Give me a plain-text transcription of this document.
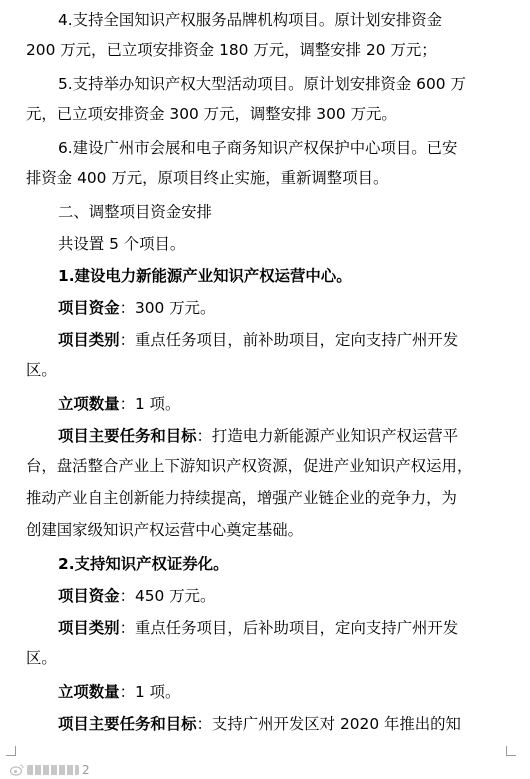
4.支持全国知识产权服务品牌机构项目。原计划安排资金
200 万元，已立项安排资金 180 万元，调整安排 20 万元；
5.支持举办知识产权大型活动项目。原计划安排资金 600 万
元，已立项安排资金 300 万元，调整安排 300 万元。
6.建设广州市会展和电子商务知识产权保护中心项目。已安
排资金 400 万元，原项目终止实施，重新调整项目。
二、调整项目资金安排
共设置 5 个项目。
1.建设电力新能源产业知识产权运营中心。
项目资金：300 万元。
项目类别：重点任务项目，前补助项目，定向支持广州开发
区。
立项数量：1 项。
项目主要任务和目标：打造电力新能源产业知识产权运营平
台，盘活整合产业上下游知识产权资源，促进产业知识产权运用，
推动产业自主创新能力持续提高，增强产业链企业的竞争力，为
创建国家级知识产权运营中心奠定基础。
2.支持知识产权证券化。
项目资金：450 万元。
项目类别：重点任务项目，后补助项目，定向支持广州开发
区。
立项数量：1 项。
项目主要任务和目标：支持广州开发区对 2020 年推出的知
2
